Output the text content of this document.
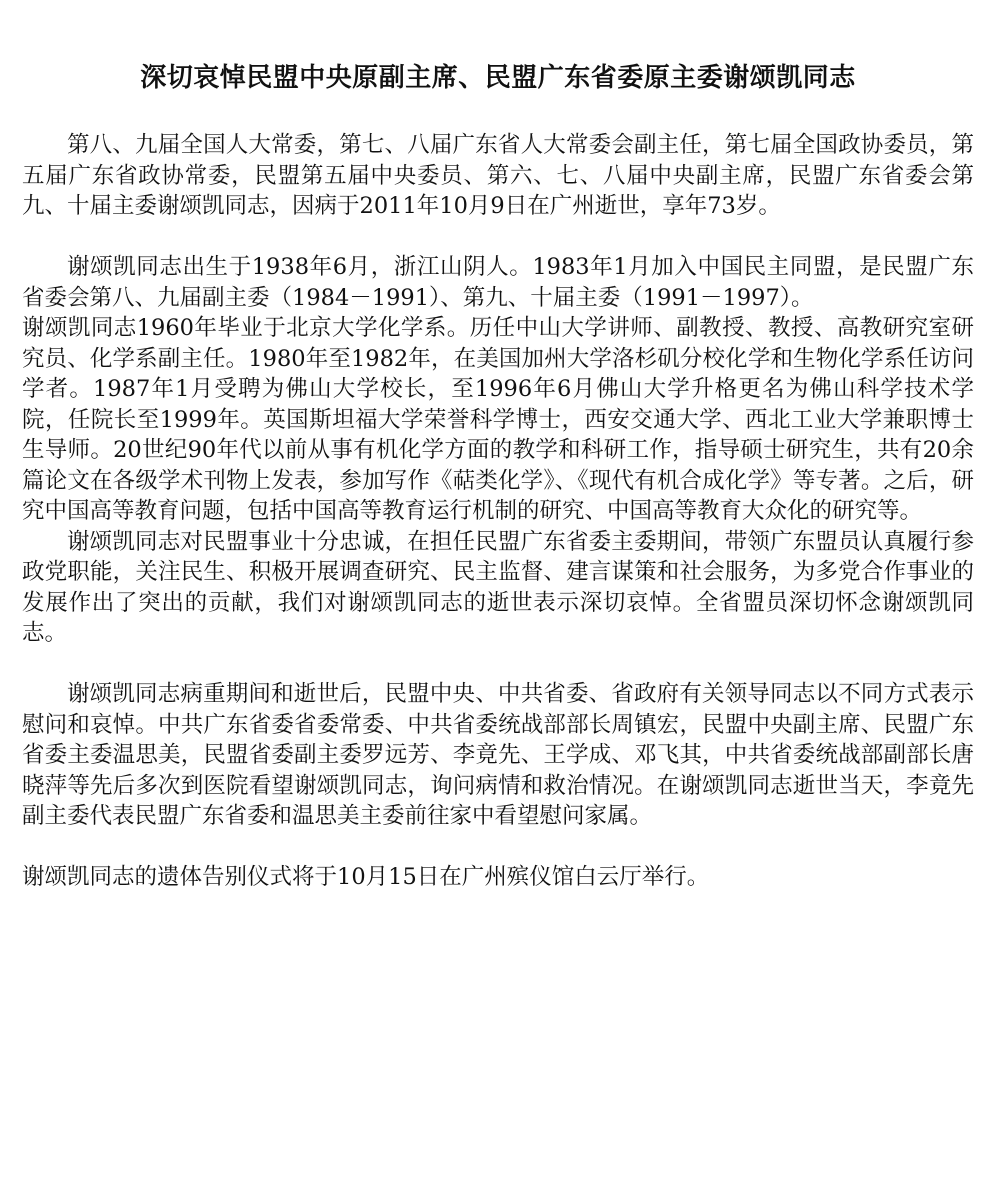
深切哀悼民盟中央原副主席、民盟广东省委原主委谢颂凯同志

第八、九届全国人大常委，第七、八届广东省人大常委会副主任，第七届全国政协委员，第五届广东省政协常委，民盟第五届中央委员、第六、七、八届中央副主席，民盟广东省委会第九、十届主委谢颂凯同志，因病于2011年10月9日在广州逝世，享年73岁。

谢颂凯同志出生于1938年6月，浙江山阴人。1983年1月加入中国民主同盟，是民盟广东省委会第八、九届副主委（1984－1991）、第九、十届主委（1991－1997）。

谢颂凯同志1960年毕业于北京大学化学系。历任中山大学讲师、副教授、教授、高教研究室研究员、化学系副主任。1980年至1982年，在美国加州大学洛杉矶分校化学和生物化学系任访问学者。1987年1月受聘为佛山大学校长，至1996年6月佛山大学升格更名为佛山科学技术学院，任院长至1999年。英国斯坦福大学荣誉科学博士，西安交通大学、西北工业大学兼职博士生导师。20世纪90年代以前从事有机化学方面的教学和科研工作，指导硕士研究生，共有20余篇论文在各级学术刊物上发表，参加写作《萜类化学》、《现代有机合成化学》等专著。之后，研究中国高等教育问题，包括中国高等教育运行机制的研究、中国高等教育大众化的研究等。

谢颂凯同志对民盟事业十分忠诚，在担任民盟广东省委主委期间，带领广东盟员认真履行参政党职能，关注民生、积极开展调查研究、民主监督、建言谋策和社会服务，为多党合作事业的发展作出了突出的贡献，我们对谢颂凯同志的逝世表示深切哀悼。全省盟员深切怀念谢颂凯同志。

谢颂凯同志病重期间和逝世后，民盟中央、中共省委、省政府有关领导同志以不同方式表示慰问和哀悼。中共广东省委省委常委、中共省委统战部部长周镇宏，民盟中央副主席、民盟广东省委主委温思美，民盟省委副主委罗远芳、李竟先、王学成、邓飞其，中共省委统战部副部长唐晓萍等先后多次到医院看望谢颂凯同志，询问病情和救治情况。在谢颂凯同志逝世当天，李竟先副主委代表民盟广东省委和温思美主委前往家中看望慰问家属。

谢颂凯同志的遗体告别仪式将于10月15日在广州殡仪馆白云厅举行。
